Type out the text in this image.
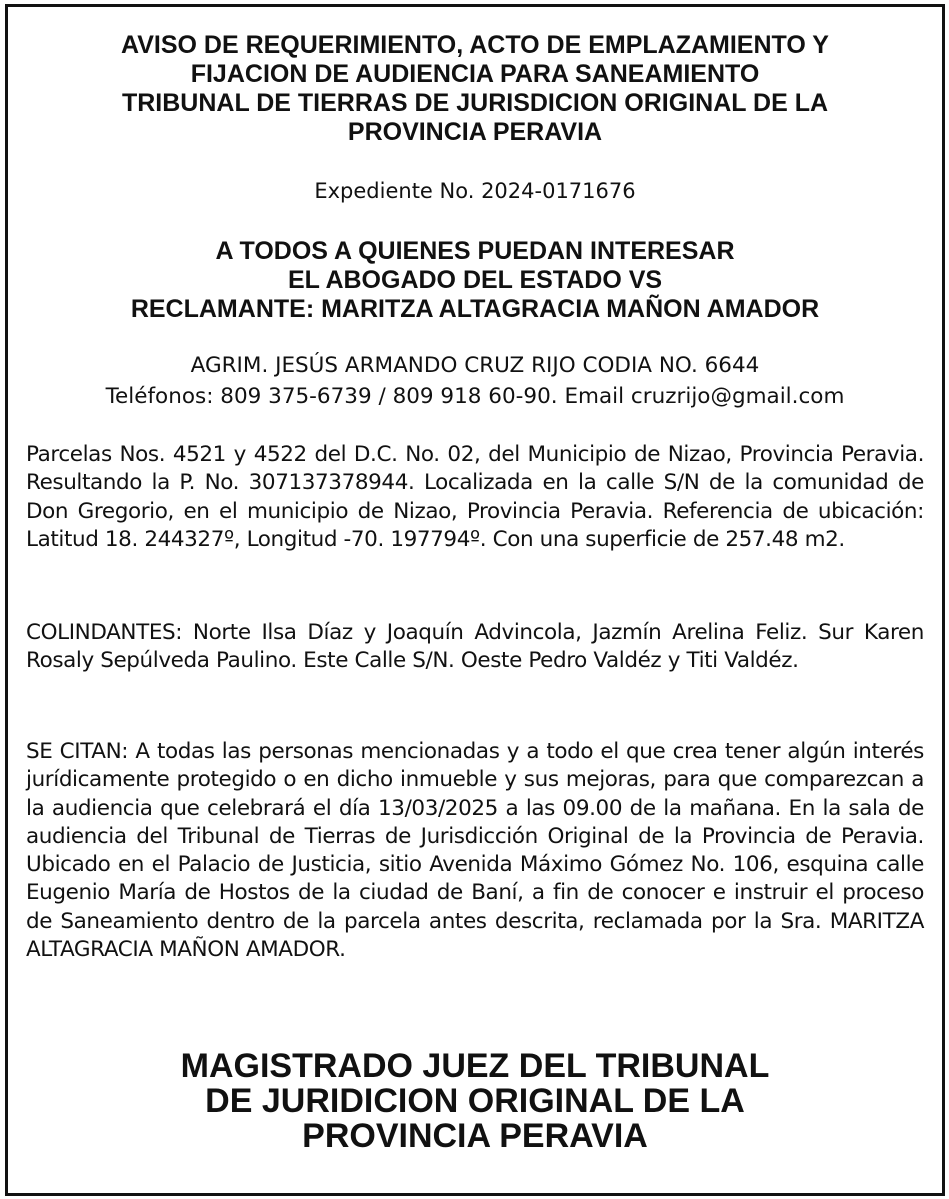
AVISO DE REQUERIMIENTO, ACTO DE EMPLAZAMIENTO Y
FIJACION DE AUDIENCIA PARA SANEAMIENTO
TRIBUNAL DE TIERRAS DE JURISDICION ORIGINAL DE LA
PROVINCIA PERAVIA

Expediente No. 2024-0171676

A TODOS A QUIENES PUEDAN INTERESAR
EL ABOGADO DEL ESTADO VS
RECLAMANTE: MARITZA ALTAGRACIA MAÑON AMADOR

AGRIM. JESÚS ARMANDO CRUZ RIJO CODIA NO. 6644
Teléfonos: 809 375-6739 / 809 918 60-90. Email cruzrijo@gmail.com

Parcelas Nos. 4521 y 4522 del D.C. No. 02, del Municipio de Nizao, Provincia Peravia. Resultando la P. No. 307137378944. Localizada en la calle S/N de la comunidad de Don Gregorio, en el municipio de Nizao, Provincia Peravia. Referencia de ubicación: Latitud 18. 244327º, Longitud -70. 197794º. Con una superficie de 257.48 m2.

COLINDANTES: Norte Ilsa Díaz y Joaquín Advincola, Jazmín Arelina Feliz. Sur Karen Rosaly Sepúlveda Paulino. Este Calle S/N. Oeste Pedro Valdéz y Titi Valdéz.

SE CITAN: A todas las personas mencionadas y a todo el que crea tener algún interés jurídicamente protegido o en dicho inmueble y sus mejoras, para que comparezcan a la audiencia que celebrará el día 13/03/2025 a las 09.00 de la mañana. En la sala de audiencia del Tribunal de Tierras de Jurisdicción Original de la Provincia de Peravia. Ubicado en el Palacio de Justicia, sitio Avenida Máximo Gómez No. 106, esquina calle Eugenio María de Hostos de la ciudad de Baní, a fin de conocer e instruir el proceso de Saneamiento dentro de la parcela antes descrita, reclamada por la Sra. MARITZA ALTAGRACIA MAÑON AMADOR.

MAGISTRADO JUEZ DEL TRIBUNAL
DE JURIDICION ORIGINAL DE LA
PROVINCIA PERAVIA
